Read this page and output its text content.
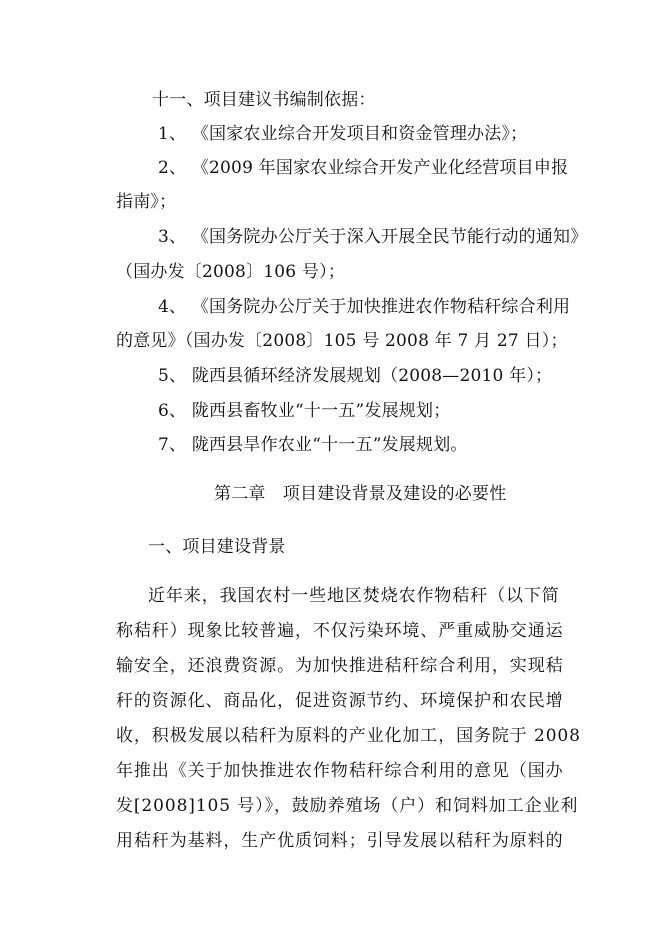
十一、项目建议书编制依据：
1、 《国家农业综合开发项目和资金管理办法》；
2、 《2009 年国家农业综合开发产业化经营项目申报
指南》；
3、 《国务院办公厅关于深入开展全民节能行动的通知》
（国办发〔2008〕106 号）；
4、 《国务院办公厅关于加快推进农作物秸秆综合利用
的意见》（国办发〔2008〕105 号 2008 年 7 月 27 日）；
5、 陇西县循环经济发展规划（2008—2010 年）；
6、 陇西县畜牧业“十一五”发展规划；
7、 陇西县旱作农业“十一五”发展规划。
第二章　项目建设背景及建设的必要性
一、项目建设背景
近年来，我国农村一些地区焚烧农作物秸秆（以下简
称秸秆）现象比较普遍，不仅污染环境、严重威胁交通运
输安全，还浪费资源。为加快推进秸秆综合利用，实现秸
秆的资源化、商品化，促进资源节约、环境保护和农民增
收，积极发展以秸秆为原料的产业化加工，国务院于 2008
年推出《关于加快推进农作物秸秆综合利用的意见（国办
发[2008]105 号）》，鼓励养殖场（户）和饲料加工企业利
用秸秆为基料，生产优质饲料；引导发展以秸秆为原料的
